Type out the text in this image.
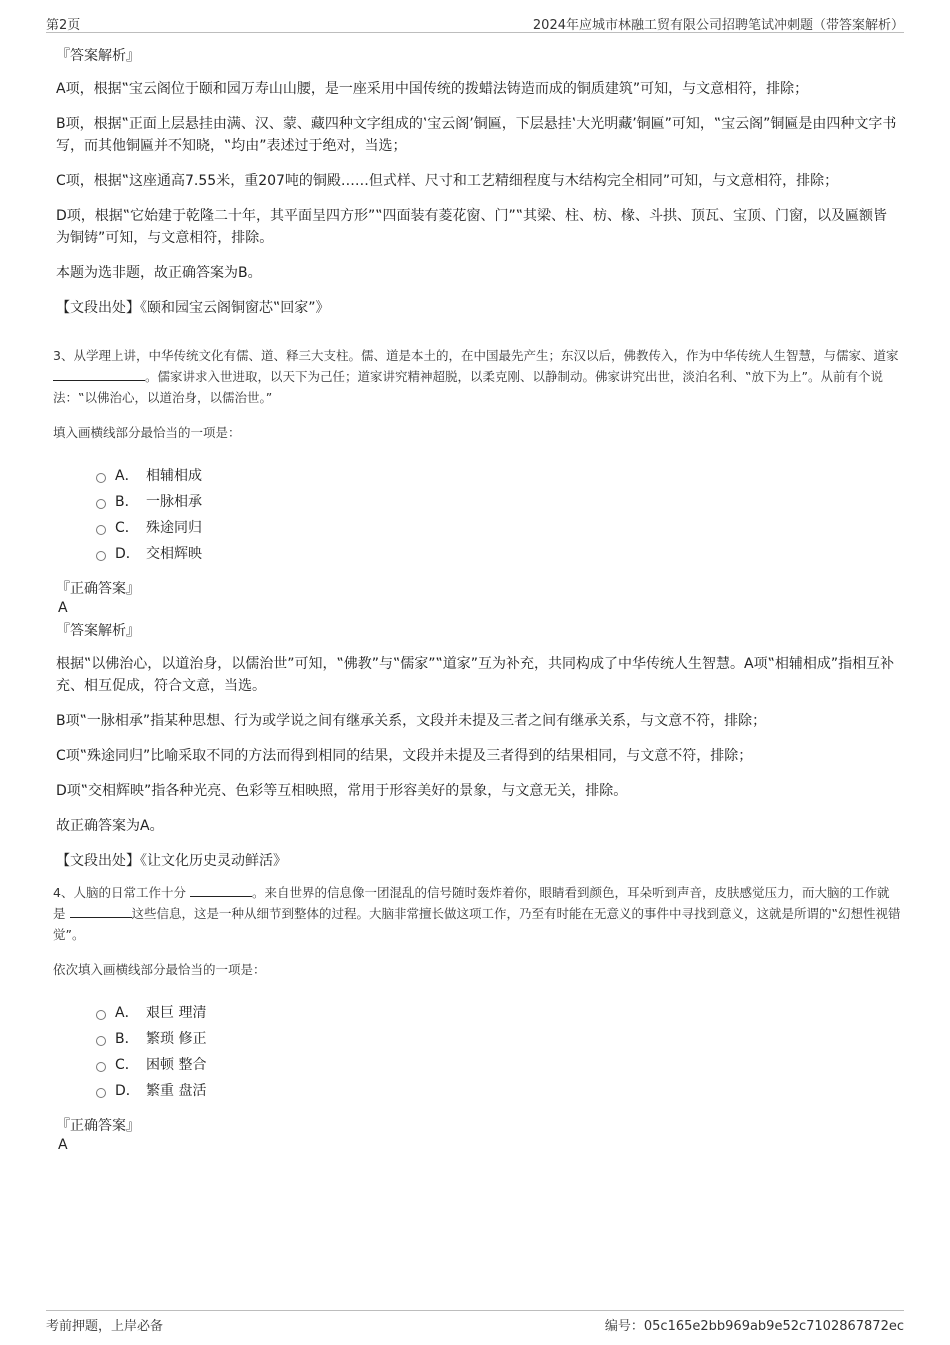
第2页	2024年应城市林融工贸有限公司招聘笔试冲刺题（带答案解析）
『答案解析』

A项，根据‟宝云阁位于颐和园万寿山山腰，是一座采用中国传统的拨蜡法铸造而成的铜质建筑”可知，与文意相符，排除；

B项，根据‟正面上层悬挂由满、汉、蒙、藏四种文字组成的‛宝云阁’铜匾，下层悬挂‛大光明藏’铜匾”可知，‟宝云阁”铜匾是由四种文字书写，而其他铜匾并不知晓，‟均由”表述过于绝对，当选；

C项，根据‟这座通高7.55米，重207吨的铜殿……但式样、尺寸和工艺精细程度与木结构完全相同”可知，与文意相符，排除；

D项，根据‟它始建于乾隆二十年，其平面呈四方形”‟四面装有菱花窗、门”‟其梁、柱、枋、椽、斗拱、顶瓦、宝顶、门窗，以及匾额皆为铜铸”可知，与文意相符，排除。

本题为选非题，故正确答案为B。

【文段出处】《颐和园宝云阁铜窗芯‟回家”》

3、从学理上讲，中华传统文化有儒、道、释三大支柱。儒、道是本土的，在中国最先产生；东汉以后，佛教传入，作为中华传统人生智慧，与儒家、道家 。儒家讲求入世进取，以天下为己任；道家讲究精神超脱，以柔克刚、以静制动。佛家讲究出世，淡泊名利、‟放下为上”。从前有个说法：‟以佛治心，以道治身，以儒治世。”

填入画横线部分最恰当的一项是：

A． 相辅相成
B． 一脉相承
C． 殊途同归
D． 交相辉映
『正确答案』
A
『答案解析』

根据‟以佛治心，以道治身，以儒治世”可知，‟佛教”与‟儒家”‟道家”互为补充，共同构成了中华传统人生智慧。A项‟相辅相成”指相互补充、相互促成，符合文意，当选。

B项‟一脉相承”指某种思想、行为或学说之间有继承关系，文段并未提及三者之间有继承关系，与文意不符，排除；

C项‟殊途同归”比喻采取不同的方法而得到相同的结果，文段并未提及三者得到的结果相同，与文意不符，排除；

D项‟交相辉映”指各种光亮、色彩等互相映照，常用于形容美好的景象，与文意无关，排除。

故正确答案为A。

【文段出处】《让文化历史灵动鲜活》

4、人脑的日常工作十分	。来自世界的信息像一团混乱的信号随时轰炸着你，眼睛看到颜色，耳朵听到声音，皮肤感觉压力，而大脑的工作就是	这些信息，这是一种从细节到整体的过程。大脑非常擅长做这项工作，乃至有时能在无意义的事件中寻找到意义，这就是所谓的‟幻想性视错觉”。

依次填入画横线部分最恰当的一项是：

A． 艰巨 理清
B． 繁琐 修正
C． 困顿 整合
D． 繁重 盘活
『正确答案』
A
考前押题，上岸必备	编号：05c165e2bb969ab9e52c7102867872ec
